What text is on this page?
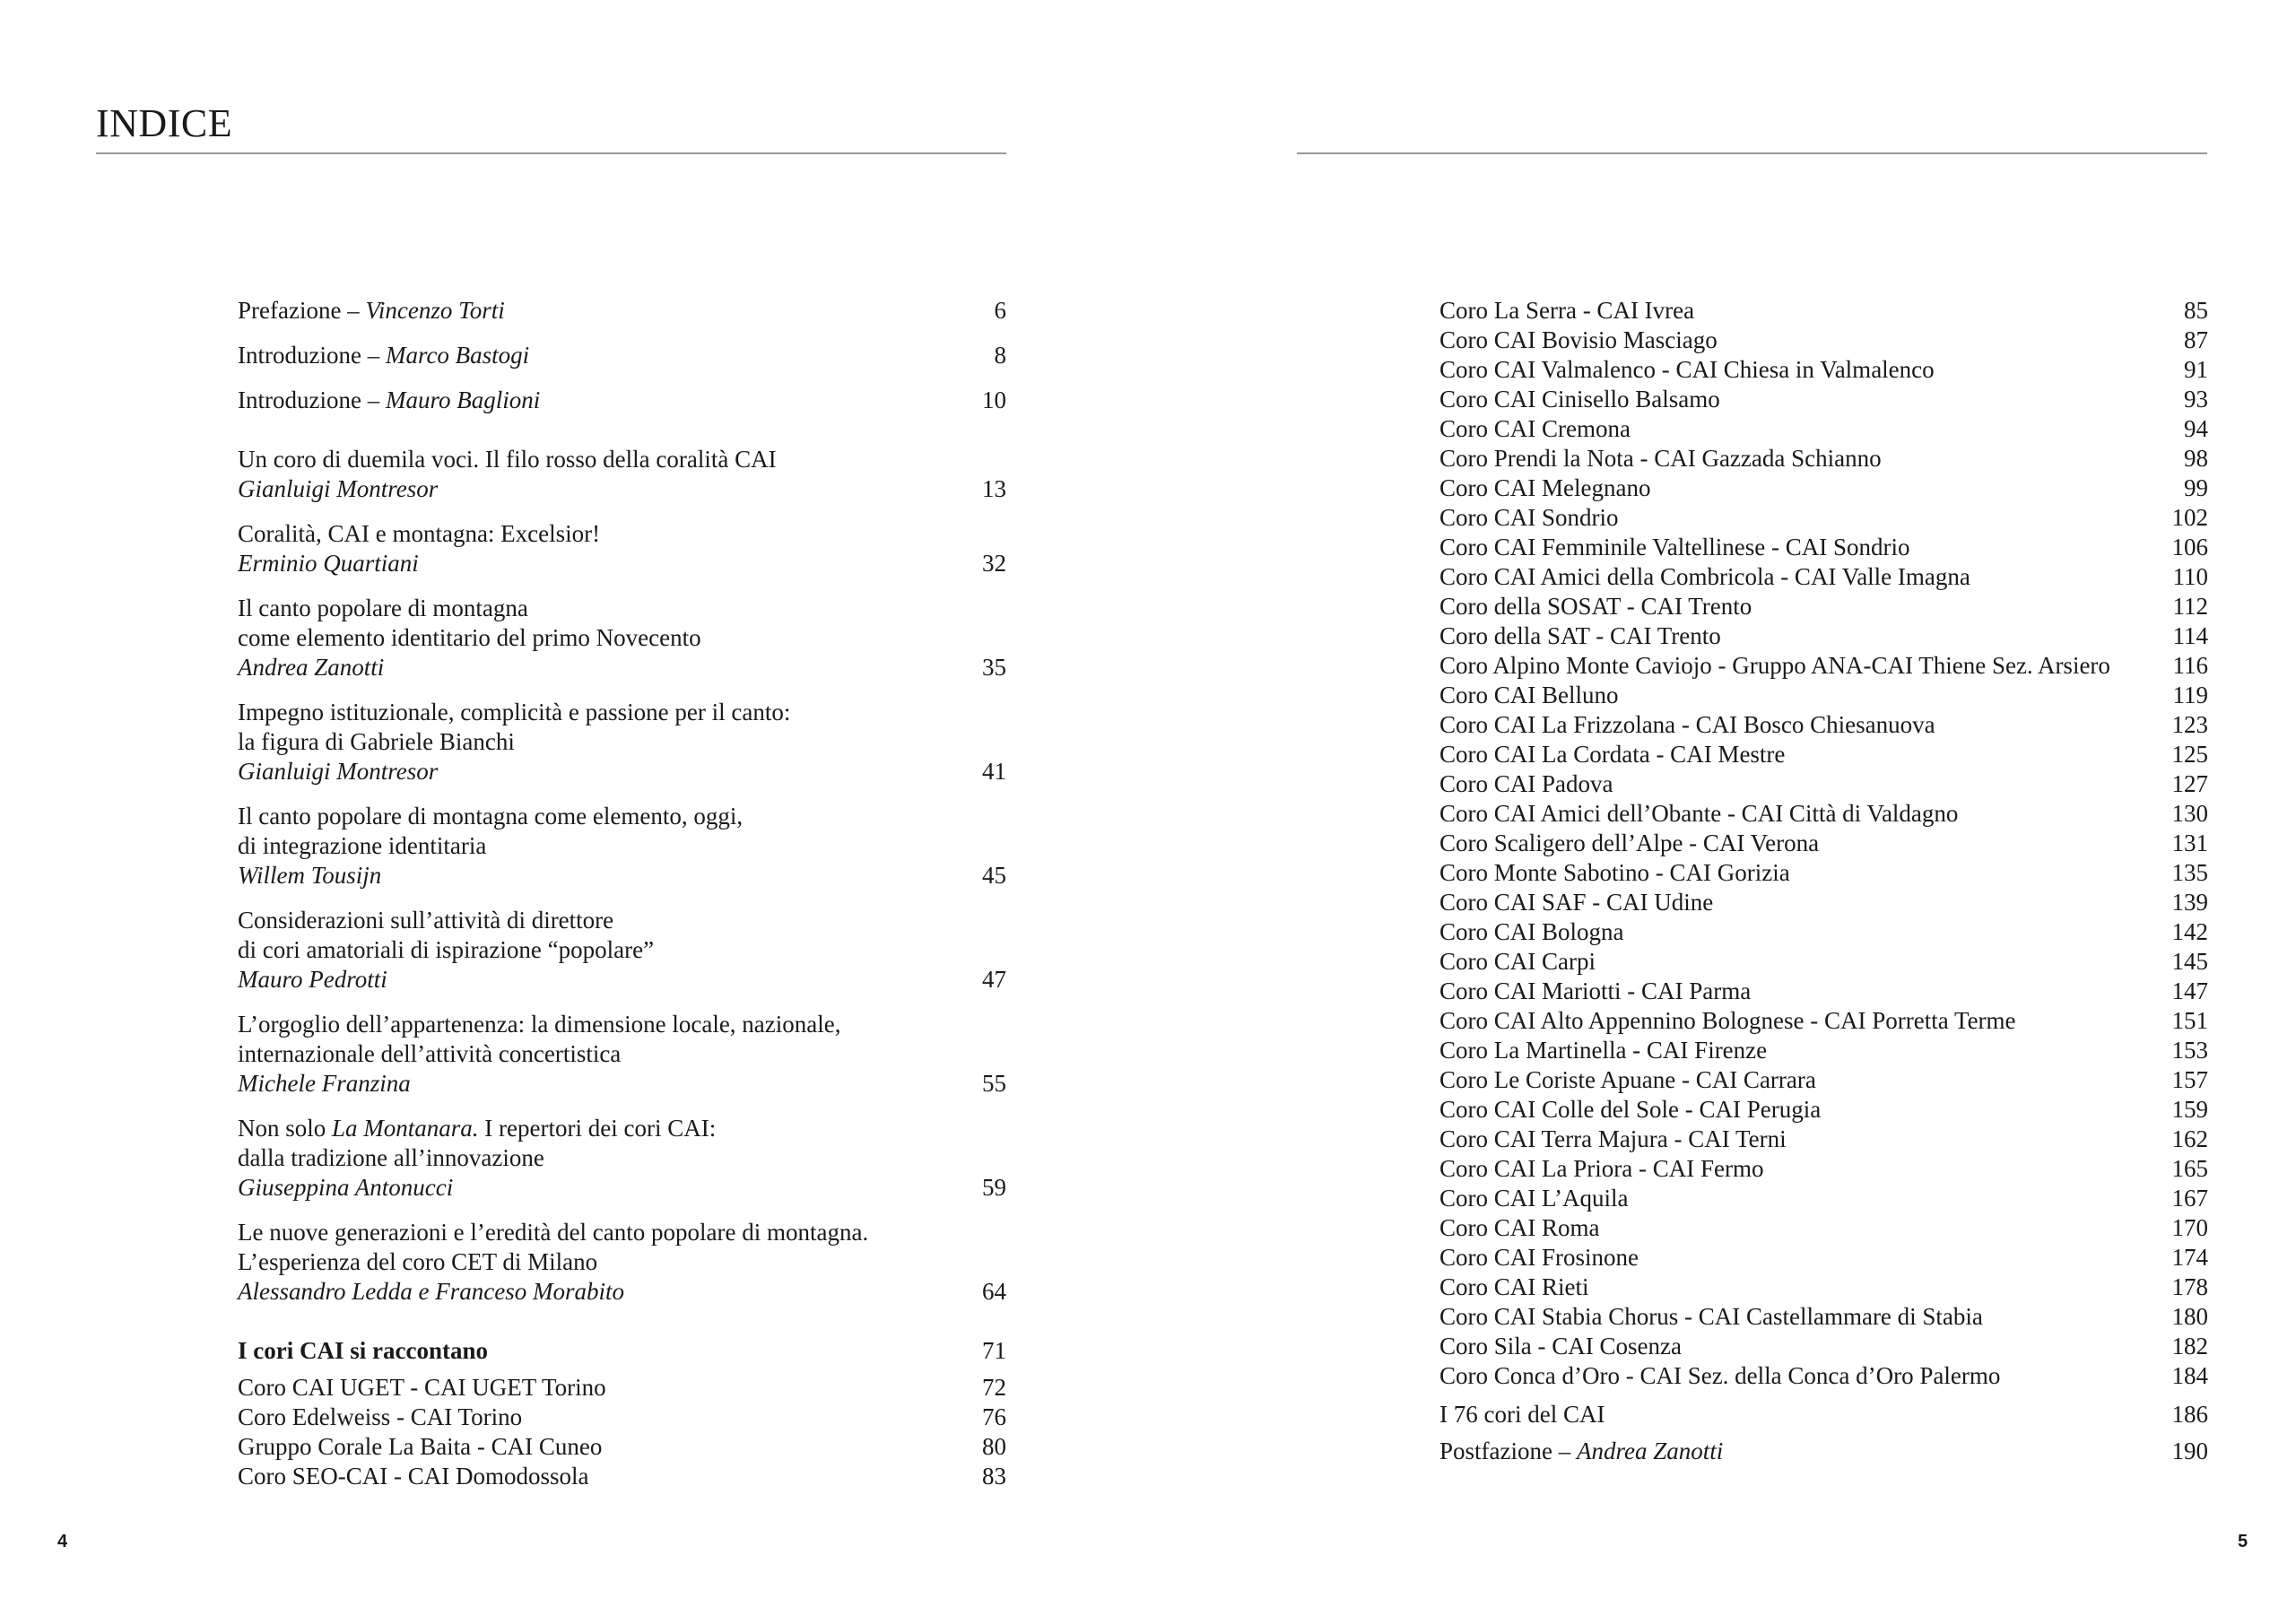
INDICE
Prefazione – Vincenzo Torti	6
Introduzione – Marco Bastogi	8
Introduzione – Mauro Baglioni	10
Un coro di duemila voci. Il filo rosso della coralità CAI
Gianluigi Montresor	13
Coralità, CAI e montagna: Excelsior!
Erminio Quartiani	32
Il canto popolare di montagna
come elemento identitario del primo Novecento
Andrea Zanotti	35
Impegno istituzionale, complicità e passione per il canto:
la figura di Gabriele Bianchi
Gianluigi Montresor	41
Il canto popolare di montagna come elemento, oggi,
di integrazione identitaria
Willem Tousijn	45
Considerazioni sull’attività di direttore
di cori amatoriali di ispirazione “popolare”
Mauro Pedrotti	47
L’orgoglio dell’appartenenza: la dimensione locale, nazionale,
internazionale dell’attività concertistica
Michele Franzina	55
Non solo La Montanara. I repertori dei cori CAI:
dalla tradizione all’innovazione
Giuseppina Antonucci	59
Le nuove generazioni e l’eredità del canto popolare di montagna.
L’esperienza del coro CET di Milano
Alessandro Ledda e Franceso Morabito	64
I cori CAI si raccontano	71
Coro CAI UGET - CAI UGET Torino	72
Coro Edelweiss - CAI Torino	76
Gruppo Corale La Baita - CAI Cuneo	80
Coro SEO-CAI - CAI Domodossola	83
4
Coro La Serra - CAI Ivrea	85
Coro CAI Bovisio Masciago	87
Coro CAI Valmalenco - CAI Chiesa in Valmalenco	91
Coro CAI Cinisello Balsamo	93
Coro CAI Cremona	94
Coro Prendi la Nota - CAI Gazzada Schianno	98
Coro CAI Melegnano	99
Coro CAI Sondrio	102
Coro CAI Femminile Valtellinese - CAI Sondrio	106
Coro CAI Amici della Combricola - CAI Valle Imagna	110
Coro della SOSAT - CAI Trento	112
Coro della SAT - CAI Trento	114
Coro Alpino Monte Caviojo - Gruppo ANA-CAI Thiene Sez. Arsiero	116
Coro CAI Belluno	119
Coro CAI La Frizzolana - CAI Bosco Chiesanuova	123
Coro CAI La Cordata - CAI Mestre	125
Coro CAI Padova	127
Coro CAI Amici dell’Obante - CAI Città di Valdagno	130
Coro Scaligero dell’Alpe - CAI Verona	131
Coro Monte Sabotino - CAI Gorizia	135
Coro CAI SAF - CAI Udine	139
Coro CAI Bologna	142
Coro CAI Carpi	145
Coro CAI Mariotti - CAI Parma	147
Coro CAI Alto Appennino Bolognese - CAI Porretta Terme	151
Coro La Martinella - CAI Firenze	153
Coro Le Coriste Apuane - CAI Carrara	157
Coro CAI Colle del Sole - CAI Perugia	159
Coro CAI Terra Majura - CAI Terni	162
Coro CAI La Priora - CAI Fermo	165
Coro CAI L’Aquila	167
Coro CAI Roma	170
Coro CAI Frosinone	174
Coro CAI Rieti	178
Coro CAI Stabia Chorus - CAI Castellammare di Stabia	180
Coro Sila - CAI Cosenza	182
Coro Conca d’Oro - CAI Sez. della Conca d’Oro Palermo	184
I 76 cori del CAI	186
Postfazione – Andrea Zanotti	190
5
